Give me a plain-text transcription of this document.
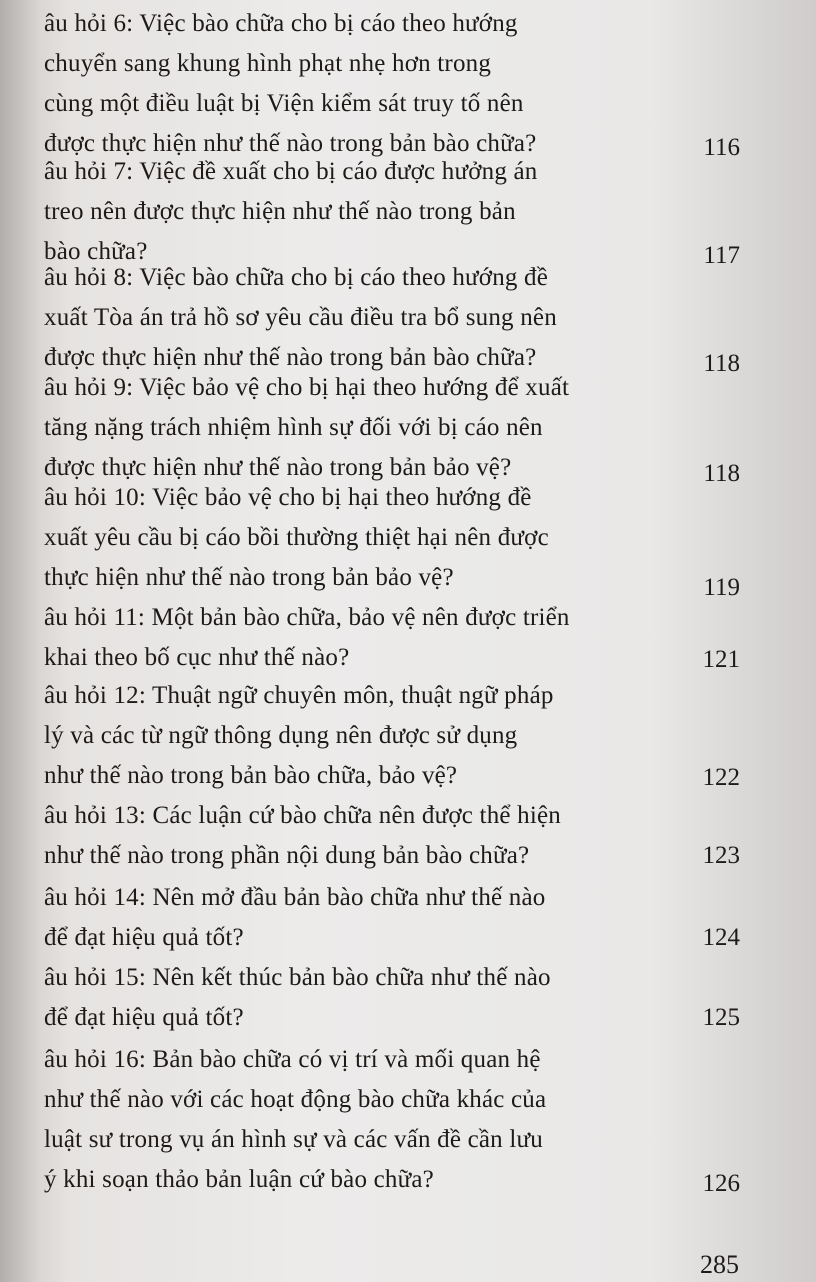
âu hỏi 6: Việc bào chữa cho bị cáo theo hướng
chuyển sang khung hình phạt nhẹ hơn trong
cùng một điều luật bị Viện kiểm sát truy tố nên
được thực hiện như thế nào trong bản bào chữa?	116
âu hỏi 7: Việc đề xuất cho bị cáo được hưởng án
treo nên được thực hiện như thế nào trong bản
bào chữa?	117
âu hỏi 8: Việc bào chữa cho bị cáo theo hướng đề
xuất Tòa án trả hồ sơ yêu cầu điều tra bổ sung nên
được thực hiện như thế nào trong bản bào chữa?	118
âu hỏi 9: Việc bảo vệ cho bị hại theo hướng để xuất
tăng nặng trách nhiệm hình sự đối với bị cáo nên
được thực hiện như thế nào trong bản bảo vệ?	118
âu hỏi 10: Việc bảo vệ cho bị hại theo hướng đề
xuất yêu cầu bị cáo bồi thường thiệt hại nên được
thực hiện như thế nào trong bản bảo vệ?	119
âu hỏi 11: Một bản bào chữa, bảo vệ nên được triển
khai theo bố cục như thế nào?	121
âu hỏi 12: Thuật ngữ chuyên môn, thuật ngữ pháp
lý và các từ ngữ thông dụng nên được sử dụng
như thế nào trong bản bào chữa, bảo vệ?	122
âu hỏi 13: Các luận cứ bào chữa nên được thể hiện
như thế nào trong phần nội dung bản bào chữa?	123
âu hỏi 14: Nên mở đầu bản bào chữa như thế nào
để đạt hiệu quả tốt?	124
âu hỏi 15: Nên kết thúc bản bào chữa như thế nào
để đạt hiệu quả tốt?	125
âu hỏi 16: Bản bào chữa có vị trí và mối quan hệ
như thế nào với các hoạt động bào chữa khác của
luật sư trong vụ án hình sự và các vấn đề cần lưu
ý khi soạn thảo bản luận cứ bào chữa?	126
285
